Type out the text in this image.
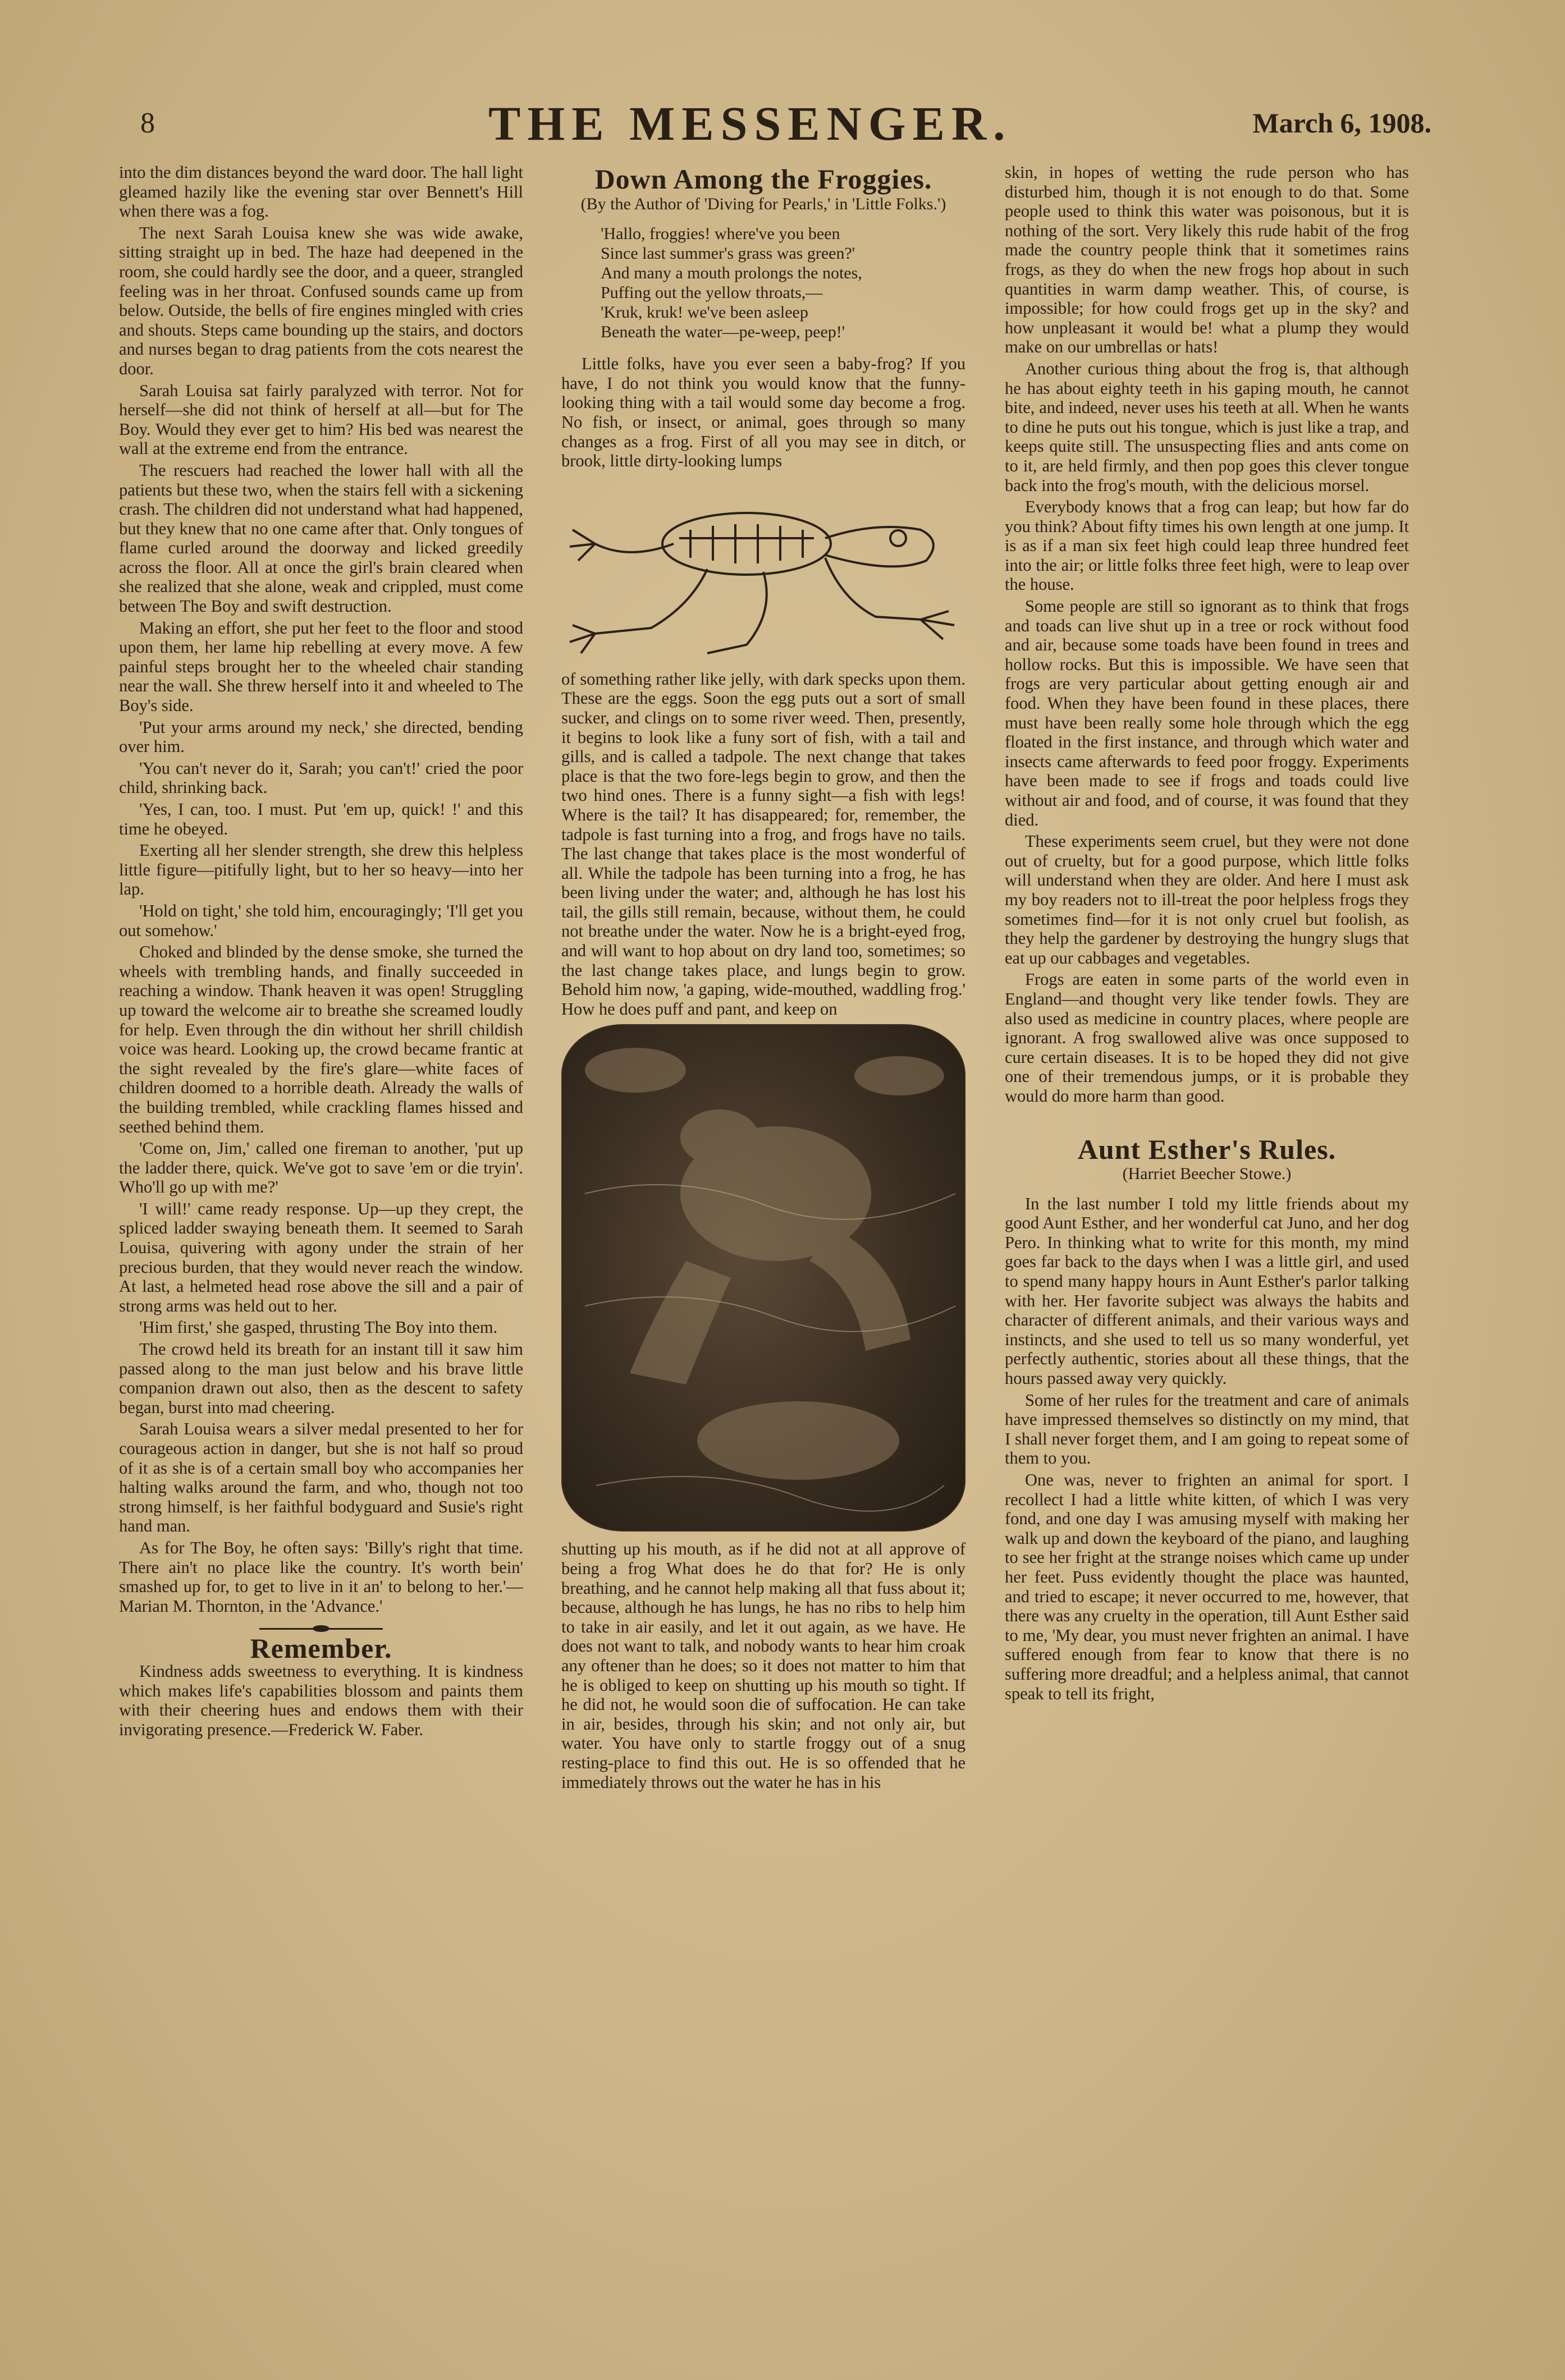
8	THE MESSENGER.	March 6, 1908.

into the dim distances beyond the ward door. The hall light gleamed hazily like the evening star over Bennett's Hill when there was a fog.

The next Sarah Louisa knew she was wide awake, sitting straight up in bed. The haze had deepened in the room, she could hardly see the door, and a queer, strangled feeling was in her throat. Confused sounds came up from below. Outside, the bells of fire engines mingled with cries and shouts. Steps came bounding up the stairs, and doctors and nurses began to drag patients from the cots nearest the door.

Sarah Louisa sat fairly paralyzed with terror. Not for herself—she did not think of herself at all—but for The Boy. Would they ever get to him? His bed was nearest the wall at the extreme end from the entrance.

The rescuers had reached the lower hall with all the patients but these two, when the stairs fell with a sickening crash. The children did not understand what had happened, but they knew that no one came after that. Only tongues of flame curled around the doorway and licked greedily across the floor. All at once the girl's brain cleared when she realized that she alone, weak and crippled, must come between The Boy and swift destruction.

Making an effort, she put her feet to the floor and stood upon them, her lame hip rebelling at every move. A few painful steps brought her to the wheeled chair standing near the wall. She threw herself into it and wheeled to The Boy's side.

'Put your arms around my neck,' she directed, bending over him.

'You can't never do it, Sarah; you can't!' cried the poor child, shrinking back.

'Yes, I can, too. I must. Put 'em up, quick! !' and this time he obeyed.

Exerting all her slender strength, she drew this helpless little figure—pitifully light, but to her so heavy—into her lap.

'Hold on tight,' she told him, encouragingly; 'I'll get you out somehow.'

Choked and blinded by the dense smoke, she turned the wheels with trembling hands, and finally succeeded in reaching a window. Thank heaven it was open! Struggling up toward the welcome air to breathe she screamed loudly for help. Even through the din without her shrill childish voice was heard. Looking up, the crowd became frantic at the sight revealed by the fire's glare—white faces of children doomed to a horrible death. Already the walls of the building trembled, while crackling flames hissed and seethed behind them.

'Come on, Jim,' called one fireman to another, 'put up the ladder there, quick. We've got to save 'em or die tryin'. Who'll go up with me?'

'I will!' came ready response. Up—up they crept, the spliced ladder swaying beneath them. It seemed to Sarah Louisa, quivering with agony under the strain of her precious burden, that they would never reach the window. At last, a helmeted head rose above the sill and a pair of strong arms was held out to her.

'Him first,' she gasped, thrusting The Boy into them.

The crowd held its breath for an instant till it saw him passed along to the man just below and his brave little companion drawn out also, then as the descent to safety began, burst into mad cheering.

Sarah Louisa wears a silver medal presented to her for courageous action in danger, but she is not half so proud of it as she is of a certain small boy who accompanies her halting walks around the farm, and who, though not too strong himself, is her faithful bodyguard and Susie's right hand man.

As for The Boy, he often says: 'Billy's right that time. There ain't no place like the country. It's worth bein' smashed up for, to get to live in it an' to belong to her.'—Marian M. Thornton, in the 'Advance.'

Remember.

Kindness adds sweetness to everything. It is kindness which makes life's capabilities blossom and paints them with their cheering hues and endows them with their invigorating presence.—Frederick W. Faber.

Down Among the Froggies.
(By the Author of 'Diving for Pearls,' in 'Little Folks.')
'Hallo, froggies! where've you been
Since last summer's grass was green?'
And many a mouth prolongs the notes,
Puffing out the yellow throats,—
'Kruk, kruk! we've been asleep
Beneath the water—pe-weep, peep!'

Little folks, have you ever seen a baby-frog? If you have, I do not think you would know that the funny-looking thing with a tail would some day become a frog. No fish, or insect, or animal, goes through so many changes as a frog. First of all you may see in ditch, or brook, little dirty-looking lumps

of something rather like jelly, with dark specks upon them. These are the eggs. Soon the egg puts out a sort of small sucker, and clings on to some river weed. Then, presently, it begins to look like a funy sort of fish, with a tail and gills, and is called a tadpole. The next change that takes place is that the two fore-legs begin to grow, and then the two hind ones. There is a funny sight—a fish with legs! Where is the tail? It has disappeared; for, remember, the tadpole is fast turning into a frog, and frogs have no tails. The last change that takes place is the most wonderful of all. While the tadpole has been turning into a frog, he has been living under the water; and, although he has lost his tail, the gills still remain, because, without them, he could not breathe under the water. Now he is a bright-eyed frog, and will want to hop about on dry land too, sometimes; so the last change takes place, and lungs begin to grow. Behold him now, 'a gaping, wide-mouthed, waddling frog.' How he does puff and pant, and keep on

shutting up his mouth, as if he did not at all approve of being a frog What does he do that for? He is only breathing, and he cannot help making all that fuss about it; because, although he has lungs, he has no ribs to help him to take in air easily, and let it out again, as we have. He does not want to talk, and nobody wants to hear him croak any oftener than he does; so it does not matter to him that he is obliged to keep on shutting up his mouth so tight. If he did not, he would soon die of suffocation. He can take in air, besides, through his skin; and not only air, but water. You have only to startle froggy out of a snug resting-place to find this out. He is so offended that he immediately throws out the water he has in his

skin, in hopes of wetting the rude person who has disturbed him, though it is not enough to do that. Some people used to think this water was poisonous, but it is nothing of the sort. Very likely this rude habit of the frog made the country people think that it sometimes rains frogs, as they do when the new frogs hop about in such quantities in warm damp weather. This, of course, is impossible; for how could frogs get up in the sky? and how unpleasant it would be! what a plump they would make on our umbrellas or hats!

Another curious thing about the frog is, that although he has about eighty teeth in his gaping mouth, he cannot bite, and indeed, never uses his teeth at all. When he wants to dine he puts out his tongue, which is just like a trap, and keeps quite still. The unsuspecting flies and ants come on to it, are held firmly, and then pop goes this clever tongue back into the frog's mouth, with the delicious morsel.

Everybody knows that a frog can leap; but how far do you think? About fifty times his own length at one jump. It is as if a man six feet high could leap three hundred feet into the air; or little folks three feet high, were to leap over the house.

Some people are still so ignorant as to think that frogs and toads can live shut up in a tree or rock without food and air, because some toads have been found in trees and hollow rocks. But this is impossible. We have seen that frogs are very particular about getting enough air and food. When they have been found in these places, there must have been really some hole through which the egg floated in the first instance, and through which water and insects came afterwards to feed poor froggy. Experiments have been made to see if frogs and toads could live without air and food, and of course, it was found that they died.

These experiments seem cruel, but they were not done out of cruelty, but for a good purpose, which little folks will understand when they are older. And here I must ask my boy readers not to ill-treat the poor helpless frogs they sometimes find—for it is not only cruel but foolish, as they help the gardener by destroying the hungry slugs that eat up our cabbages and vegetables.

Frogs are eaten in some parts of the world even in England—and thought very like tender fowls. They are also used as medicine in country places, where people are ignorant. A frog swallowed alive was once supposed to cure certain diseases. It is to be hoped they did not give one of their tremendous jumps, or it is probable they would do more harm than good.

Aunt Esther's Rules.
(Harriet Beecher Stowe.)

In the last number I told my little friends about my good Aunt Esther, and her wonderful cat Juno, and her dog Pero. In thinking what to write for this month, my mind goes far back to the days when I was a little girl, and used to spend many happy hours in Aunt Esther's parlor talking with her. Her favorite subject was always the habits and character of different animals, and their various ways and instincts, and she used to tell us so many wonderful, yet perfectly authentic, stories about all these things, that the hours passed away very quickly.

Some of her rules for the treatment and care of animals have impressed themselves so distinctly on my mind, that I shall never forget them, and I am going to repeat some of them to you.

One was, never to frighten an animal for sport. I recollect I had a little white kitten, of which I was very fond, and one day I was amusing myself with making her walk up and down the keyboard of the piano, and laughing to see her fright at the strange noises which came up under her feet. Puss evidently thought the place was haunted, and tried to escape; it never occurred to me, however, that there was any cruelty in the operation, till Aunt Esther said to me, 'My dear, you must never frighten an animal. I have suffered enough from fear to know that there is no suffering more dreadful; and a helpless animal, that cannot speak to tell its fright,
